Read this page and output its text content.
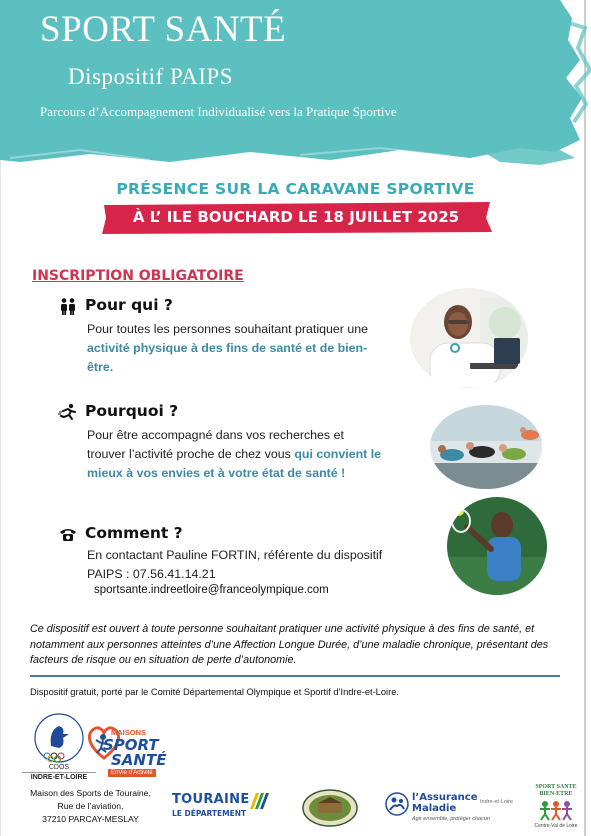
SPORT SANTÉ
Dispositif PAIPS
Parcours d’Accompagnement Individualisé vers la Pratique Sportive
PRÉSENCE SUR LA CARAVANE SPORTIVE
À L’ ILE BOUCHARD LE 18 JUILLET 2025
INSCRIPTION OBLIGATOIRE
Pour qui ?
Pour toutes les personnes souhaitant pratiquer une activité physique à des fins de santé et de bien-être.
Pourquoi ?
Pour être accompagné dans vos recherches et trouver l’activité proche de chez vous qui convient le mieux à vos envies et à votre état de santé !
Comment ?
En contactant Pauline FORTIN, référente du dispositif PAIPS : 07.56.41.14.21
sportsante.indreetloire@franceolympique.com
Ce dispositif est ouvert à toute personne souhaitant pratiquer une activité physique à des fins de santé, et notamment aux personnes atteintes d’une Affection Longue Durée, d’une maladie chronique, présentant des facteurs de risque ou en situation de perte d’autonomie.
Dispositif gratuit, porté par le Comité Départemental Olympique et Sportif d’Indre-et-Loire.
CDOS
INDRE-ET-LOIRE
MAISONS
SPORT
SANTÉ
EnVie d’Activité
Maison des Sports de Touraine,
Rue de l’aviation,
37210 PARCAY-MESLAY
TOURAINE
LE DÉPARTEMENT
l’Assurance
Maladie
Agir ensemble, protéger chacun
Indre-et-Loire
SPORT SANTE
BIEN-ETRE
Centre-Val de Loire
